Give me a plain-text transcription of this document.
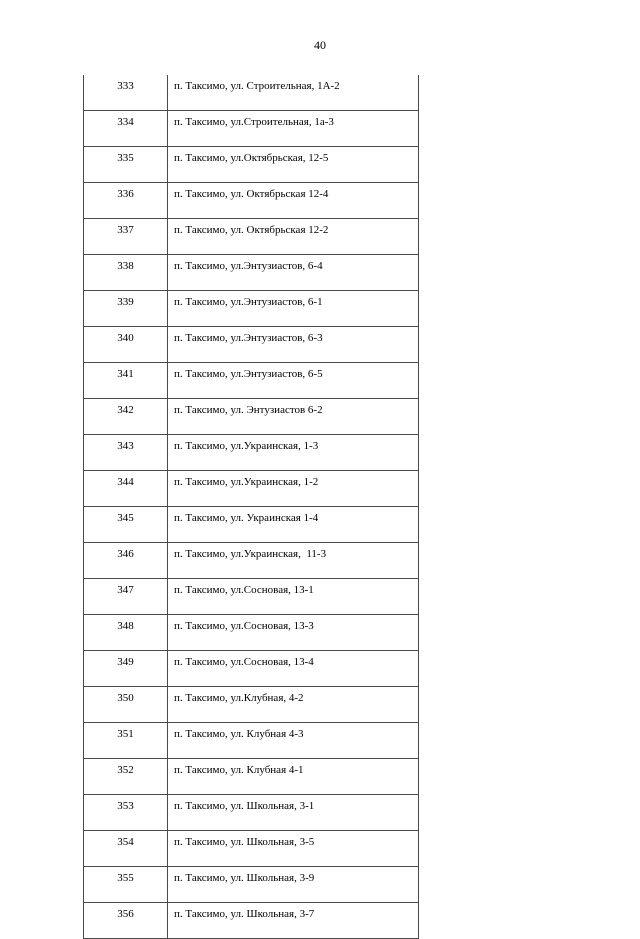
40
333	п. Таксимо, ул. Строительная, 1А-2
334	п. Таксимо, ул.Строительная, 1а-3
335	п. Таксимо, ул.Октябрьская, 12-5
336	п. Таксимо, ул. Октябрьская 12-4
337	п. Таксимо, ул. Октябрьская 12-2
338	п. Таксимо, ул.Энтузиастов, 6-4
339	п. Таксимо, ул.Энтузиастов, 6-1
340	п. Таксимо, ул.Энтузиастов, 6-3
341	п. Таксимо, ул.Энтузиастов, 6-5
342	п. Таксимо, ул. Энтузиастов 6-2
343	п. Таксимо, ул.Украинская, 1-3
344	п. Таксимо, ул.Украинская, 1-2
345	п. Таксимо, ул. Украинская 1-4
346	п. Таксимо, ул.Украинская,  11-3
347	п. Таксимо, ул.Сосновая, 13-1
348	п. Таксимо, ул.Сосновая, 13-3
349	п. Таксимо, ул.Сосновая, 13-4
350	п. Таксимо, ул.Клубная, 4-2
351	п. Таксимо, ул. Клубная 4-3
352	п. Таксимо, ул. Клубная 4-1
353	п. Таксимо, ул. Школьная, 3-1
354	п. Таксимо, ул. Школьная, 3-5
355	п. Таксимо, ул. Школьная, 3-9
356	п. Таксимо, ул. Школьная, 3-7
